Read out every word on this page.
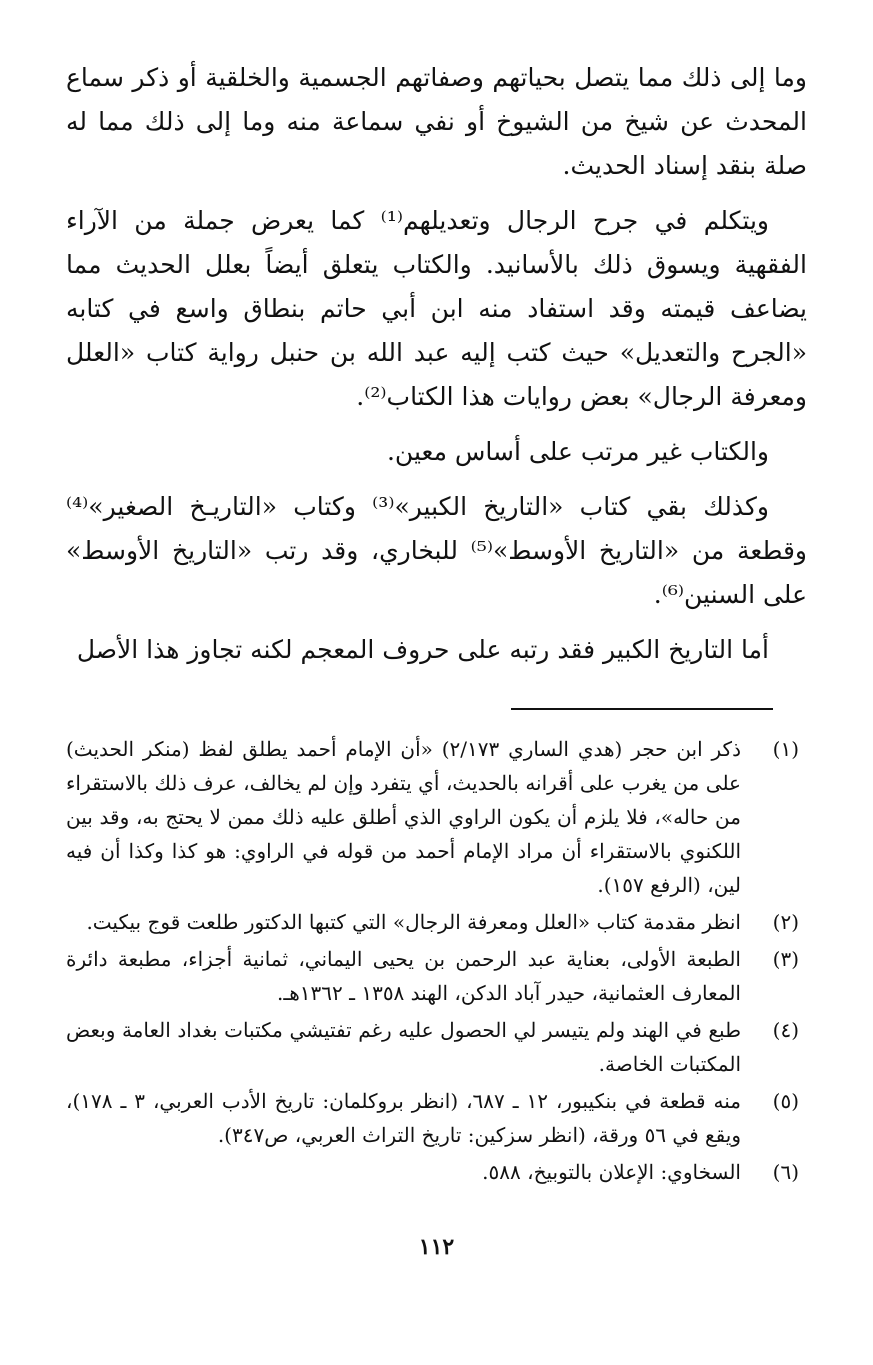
وما إلى ذلك مما يتصل بحياتهم وصفاتهم الجسمية والخلقية أو ذكر سماع المحدث عن شيخ من الشيوخ أو نفي سماعة منه وما إلى ذلك مما له صلة بنقد إسناد الحديث.

ويتكلم في جرح الرجال وتعديلهم⁽¹⁾ كما يعرض جملة من الآراء الفقهية ويسوق ذلك بالأسانيد. والكتاب يتعلق أيضاً بعلل الحديث مما يضاعف قيمته وقد استفاد منه ابن أبي حاتم بنطاق واسع في كتابه «الجرح والتعديل» حيث كتب إليه عبد الله بن حنبل رواية كتاب «العلل ومعرفة الرجال» بعض روايات هذا الكتاب⁽²⁾.

والكتاب غير مرتب على أساس معين.

وكذلك بقي كتاب «التاريخ الكبير»⁽³⁾ وكتاب «التاريـخ الصغير»⁽⁴⁾ وقطعة من «التاريخ الأوسط»⁽⁵⁾ للبخاري، وقد رتب «التاريخ الأوسط» على السنين⁽⁶⁾.

أما التاريخ الكبير فقد رتبه على حروف المعجم لكنه تجاوز هذا الأصل

(١)
ذكر ابن حجر (هدي الساري ٢/١٧٣) «أن الإمام أحمد يطلق لفظ (منكر الحديث) على من يغرب على أقرانه بالحديث، أي يتفرد وإن لم يخالف، عرف ذلك بالاستقراء من حاله»، فلا يلزم أن يكون الراوي الذي أطلق عليه ذلك ممن لا يحتج به، وقد بين اللكنوي بالاستقراء أن مراد الإمام أحمد من قوله في الراوي: هو كذا وكذا أن فيه لين، (الرفع ١٥٧).
(٢)
انظر مقدمة كتاب «العلل ومعرفة الرجال» التي كتبها الدكتور طلعت قوج بيكيت.
(٣)
الطبعة الأولى، بعناية عبد الرحمن بن يحيى اليماني، ثمانية أجزاء، مطبعة دائرة المعارف العثمانية، حيدر آباد الدكن، الهند ١٣٥٨ ـ ١٣٦٢هـ.
(٤)
طبع في الهند ولم يتيسر لي الحصول عليه رغم تفتيشي مكتبات بغداد العامة وبعض المكتبات الخاصة.
(٥)
منه قطعة في بنكيبور، ١٢ ـ ٦٨٧، (انظر بروكلمان: تاريخ الأدب العربي، ٣ ـ ١٧٨)، ويقع في ٥٦ ورقة، (انظر سزكين: تاريخ التراث العربي، ص٣٤٧).
(٦)
السخاوي: الإعلان بالتوبيخ، ٥٨٨.
١١٢
